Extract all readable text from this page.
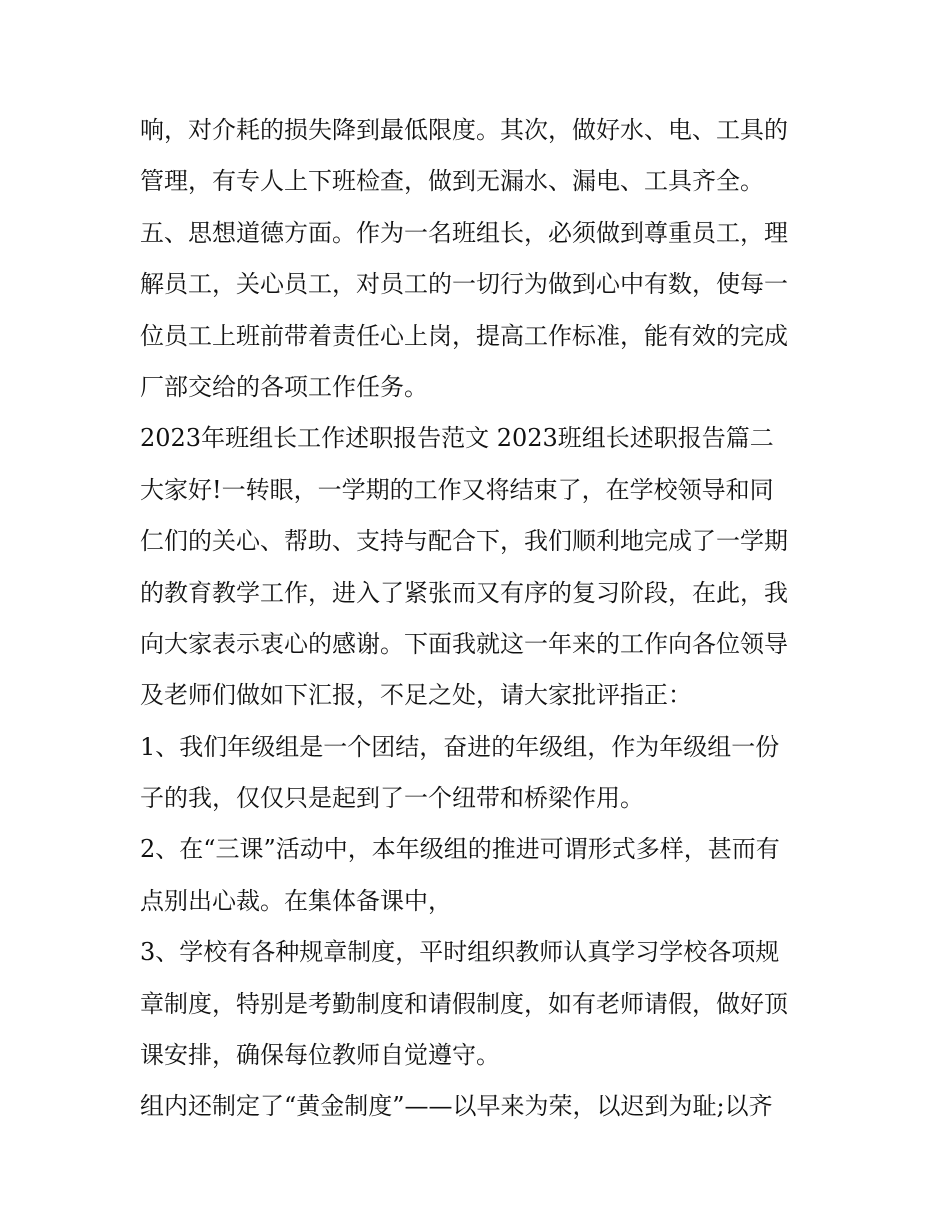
响，对介耗的损失降到最低限度。其次，做好水、电、工具的
管理，有专人上下班检查，做到无漏水、漏电、工具齐全。
五、思想道德方面。作为一名班组长，必须做到尊重员工，理
解员工，关心员工，对员工的一切行为做到心中有数，使每一
位员工上班前带着责任心上岗，提高工作标准，能有效的完成
厂部交给的各项工作任务。
2023年班组长工作述职报告范文 2023班组长述职报告篇二
大家好!一转眼，一学期的工作又将结束了，在学校领导和同
仁们的关心、帮助、支持与配合下，我们顺利地完成了一学期
的教育教学工作，进入了紧张而又有序的复习阶段，在此，我
向大家表示衷心的感谢。下面我就这一年来的工作向各位领导
及老师们做如下汇报，不足之处，请大家批评指正：
1、我们年级组是一个团结，奋进的年级组，作为年级组一份
子的我，仅仅只是起到了一个纽带和桥梁作用。
2、在“三课”活动中，本年级组的推进可谓形式多样，甚而有
点别出心裁。在集体备课中，
3、学校有各种规章制度，平时组织教师认真学习学校各项规
章制度，特别是考勤制度和请假制度，如有老师请假，做好顶
课安排，确保每位教师自觉遵守。
组内还制定了“黄金制度”——以早来为荣，以迟到为耻;以齐
